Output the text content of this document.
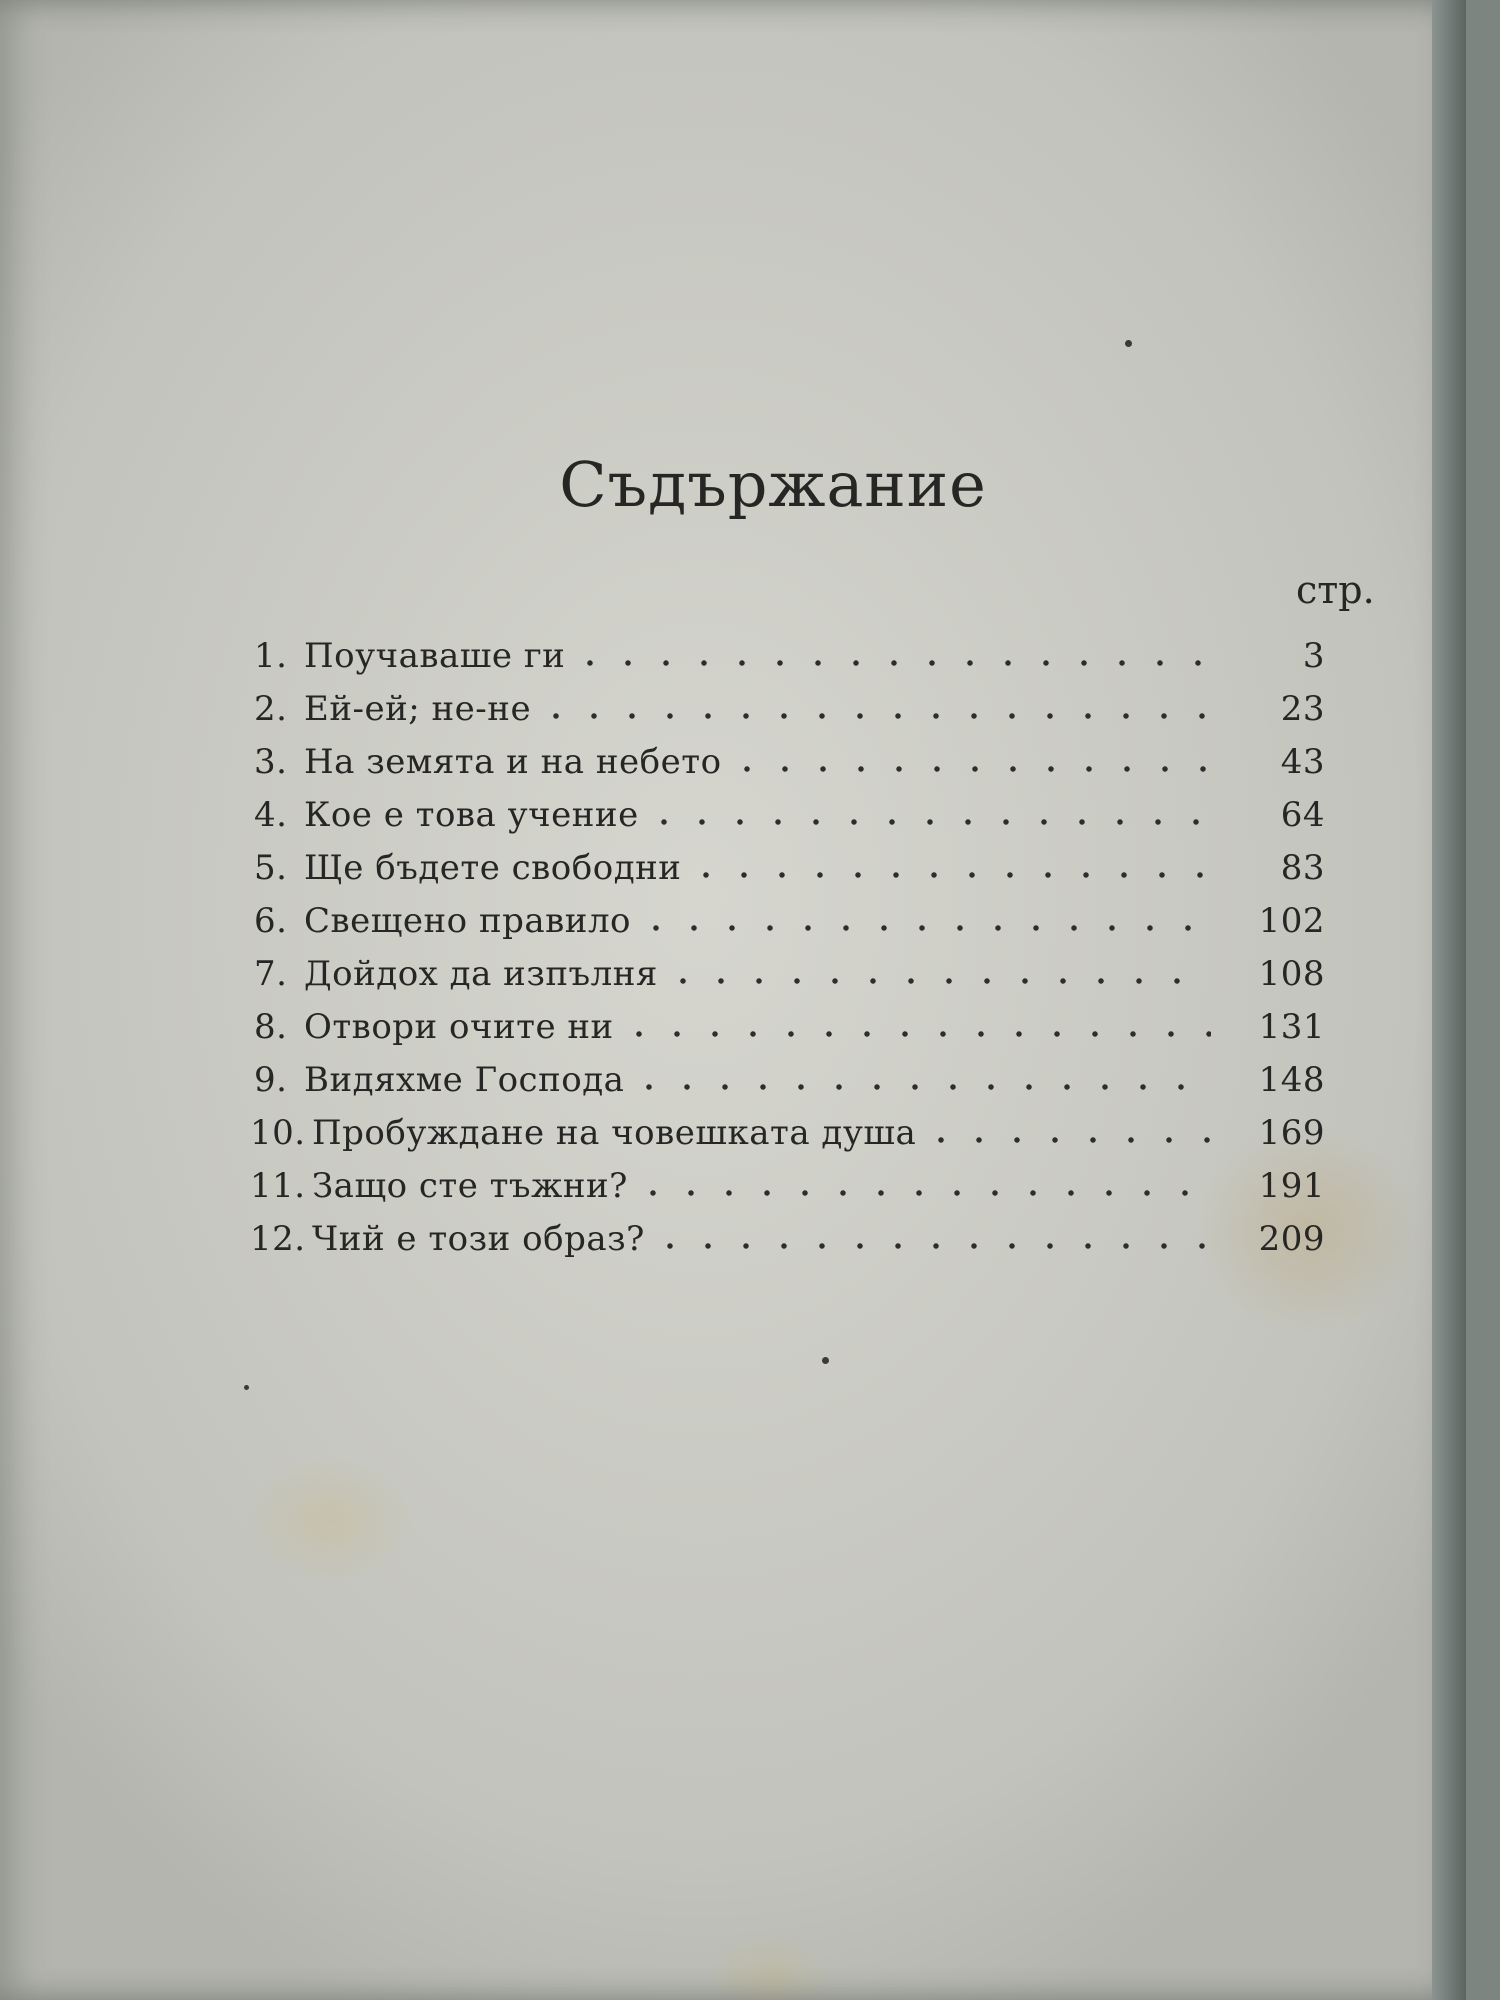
Съдържание
стр.
1. Поучаваше ги	3
2. Ей-ей; не-не	23
3. На земята и на небето	43
4. Кое е това учение	64
5. Ще бъдете свободни	83
6. Свещено правило	102
7. Дойдох да изпълня	108
8. Отвори очите ни	131
9. Видяхме Господа	148
10. Пробуждане на човешката душа	169
11. Защо сте тъжни?	191
12. Чий е този образ?	209
